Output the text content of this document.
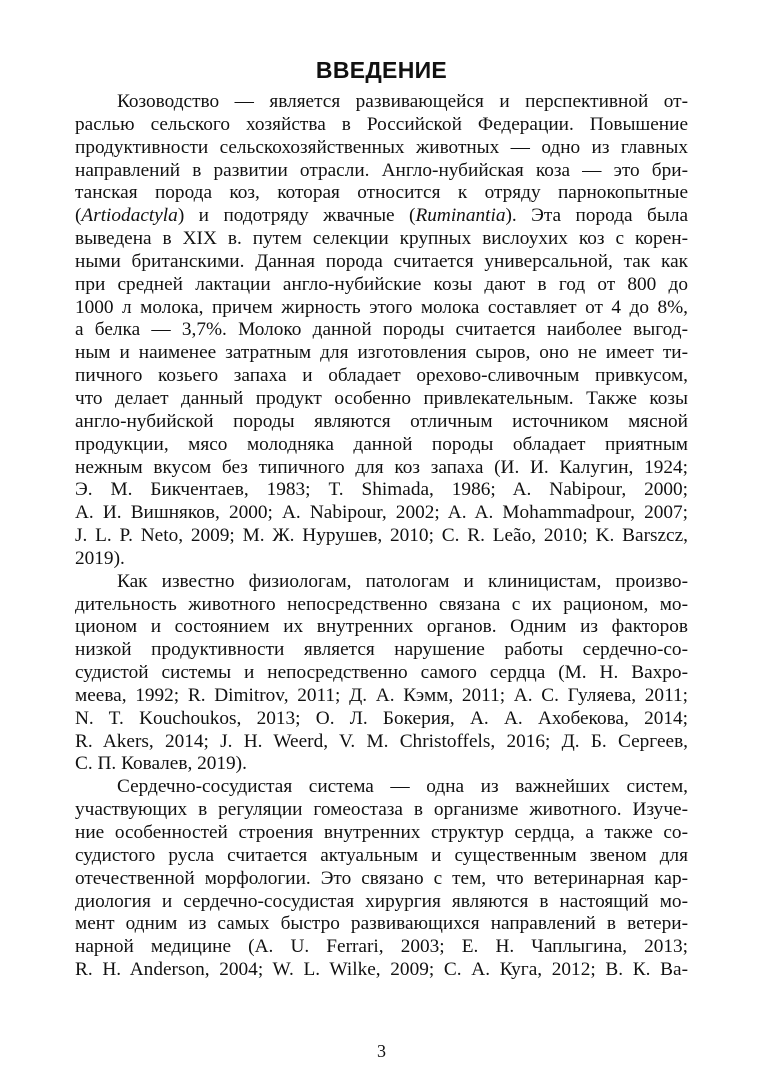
ВВЕДЕНИЕ

Козоводство — является развивающейся и перспективной от-
раслью сельского хозяйства в Российской Федерации. Повышение
продуктивности сельскохозяйственных животных — одно из главных
направлений в развитии отрасли. Англо-нубийская коза — это бри-
танская порода коз, которая относится к отряду парнокопытные
(Artiodactyla) и подотряду жвачные (Ruminantia). Эта порода была
выведена в XIX в. путем селекции крупных вислоухих коз с корен-
ными британскими. Данная порода считается универсальной, так как
при средней лактации англо-нубийские козы дают в год от 800 до
1000 л молока, причем жирность этого молока составляет от 4 до 8%,
а белка — 3,7%. Молоко данной породы считается наиболее выгод-
ным и наименее затратным для изготовления сыров, оно не имеет ти-
пичного козьего запаха и обладает орехово-сливочным привкусом,
что делает данный продукт особенно привлекательным. Также козы
англо-нубийской породы являются отличным источником мясной
продукции, мясо молодняка данной породы обладает приятным
нежным вкусом без типичного для коз запаха (И. И. Калугин, 1924;
Э. М. Бикчентаев, 1983; T. Shimada, 1986; A. Nabipour, 2000;
А. И. Вишняков, 2000; A. Nabipour, 2002; A. A. Mohammadpour, 2007;
J. L. P. Neto, 2009; М. Ж. Нурушев, 2010; C. R. Leão, 2010; K. Barszcz,
2019).

Как известно физиологам, патологам и клиницистам, произво-
дительность животного непосредственно связана с их рационом, мо-
ционом и состоянием их внутренних органов. Одним из факторов
низкой продуктивности является нарушение работы сердечно-со-
судистой системы и непосредственно самого сердца (М. Н. Вахро-
меева, 1992; R. Dimitrov, 2011; Д. А. Кэмм, 2011; А. С. Гуляева, 2011;
N. T. Kouchoukos, 2013; О. Л. Бокерия, А. А. Ахобекова, 2014;
R. Akers, 2014; J. H. Weerd, V. M. Christoffels, 2016; Д. Б. Сергеев,
С. П. Ковалев, 2019).

Сердечно-сосудистая система — одна из важнейших систем,
участвующих в регуляции гомеостаза в организме животного. Изуче-
ние особенностей строения внутренних структур сердца, а также со-
судистого русла считается актуальным и существенным звеном для
отечественной морфологии. Это связано с тем, что ветеринарная кар-
диология и сердечно-сосудистая хирургия являются в настоящий мо-
мент одним из самых быстро развивающихся направлений в ветери-
нарной медицине (A. U. Ferrari, 2003; Е. Н. Чаплыгина, 2013;
R. H. Anderson, 2004; W. L. Wilke, 2009; С. А. Куга, 2012; В. К. Ва-

3
